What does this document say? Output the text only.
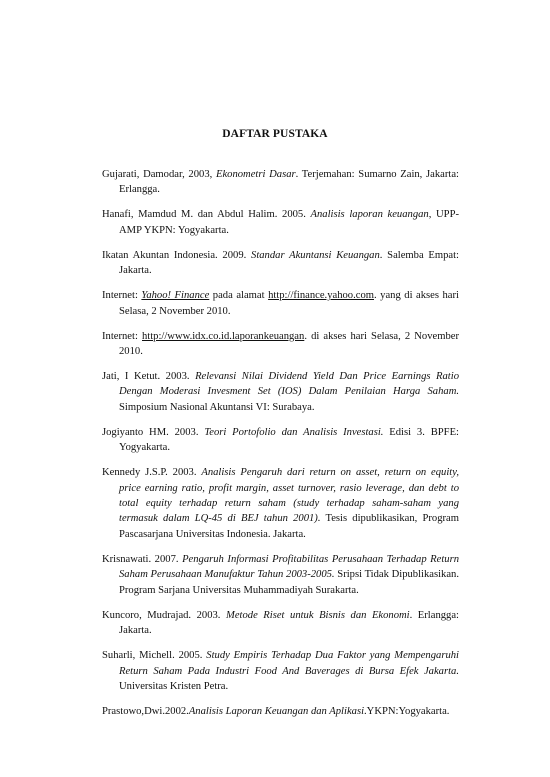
DAFTAR PUSTAKA
Gujarati, Damodar, 2003, Ekonometri Dasar. Terjemahan: Sumarno Zain, Jakarta: Erlangga.
Hanafi, Mamdud M. dan Abdul Halim. 2005. Analisis laporan keuangan, UPP-AMP YKPN: Yogyakarta.
Ikatan Akuntan Indonesia. 2009. Standar Akuntansi Keuangan. Salemba Empat: Jakarta.
Internet: Yahoo! Finance pada alamat http://finance.yahoo.com. yang di akses hari Selasa, 2 November 2010.
Internet: http://www.idx.co.id.laporankeuangan. di akses hari Selasa, 2 November 2010.
Jati, I Ketut. 2003. Relevansi Nilai Dividend Yield Dan Price Earnings Ratio Dengan Moderasi Invesment Set (IOS) Dalam Penilaian Harga Saham. Simposium Nasional Akuntansi VI: Surabaya.
Jogiyanto HM. 2003. Teori Portofolio dan Analisis Investasi. Edisi 3. BPFE: Yogyakarta.
Kennedy J.S.P. 2003. Analisis Pengaruh dari return on asset, return on equity, price earning ratio, profit margin, asset turnover, rasio leverage, dan debt to total equity terhadap return saham (study terhadap saham-saham yang termasuk dalam LQ-45 di BEJ tahun 2001). Tesis dipublikasikan, Program Pascasarjana Universitas Indonesia. Jakarta.
Krisnawati. 2007. Pengaruh Informasi Profitabilitas Perusahaan Terhadap Return Saham Perusahaan Manufaktur Tahun 2003-2005. Sripsi Tidak Dipublikasikan. Program Sarjana Universitas Muhammadiyah Surakarta.
Kuncoro, Mudrajad. 2003. Metode Riset untuk Bisnis dan Ekonomi. Erlangga: Jakarta.
Suharli, Michell. 2005. Study Empiris Terhadap Dua Faktor yang Mempengaruhi Return Saham Pada Industri Food And Baverages di Bursa Efek Jakarta. Universitas Kristen Petra.
Prastowo,Dwi.2002.Analisis Laporan Keuangan dan Aplikasi.YKPN:Yogyakarta.
